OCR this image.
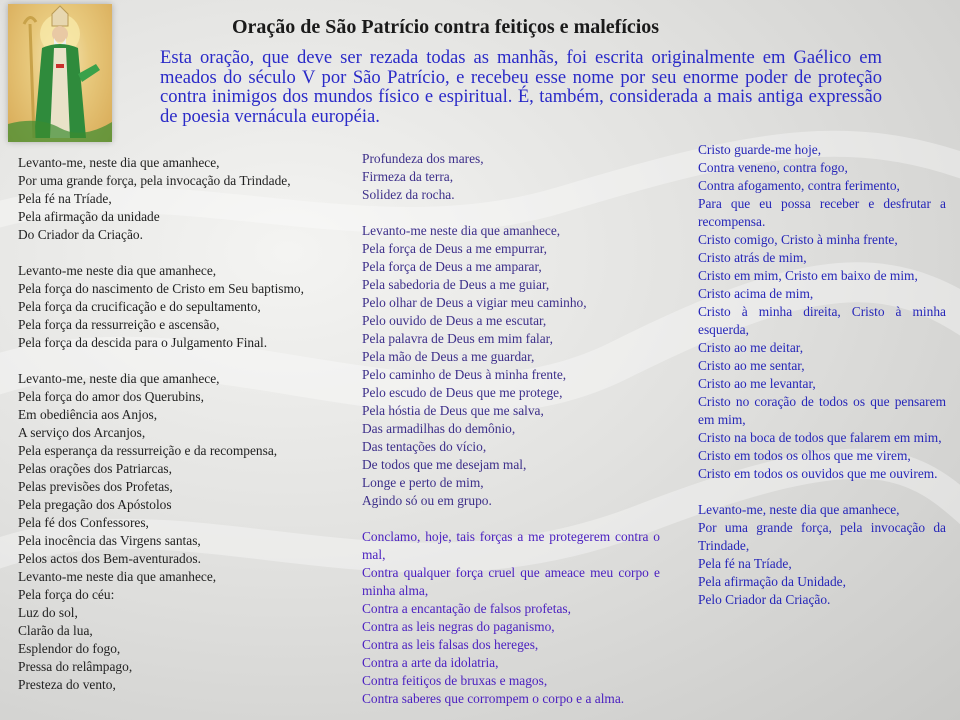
Oração de São Patrício contra feitiços e malefícios

Esta oração, que deve ser rezada todas as manhãs, foi escrita originalmente em Gaélico em meados do século V por São Patrício, e recebeu esse nome por seu enorme poder de proteção contra inimigos dos mundos físico e espiritual. É, também, considerada a mais antiga expressão de poesia vernácula européia.

Levanto-me, neste dia que amanhece,

Por uma grande força, pela invocação da Trindade,

Pela fé na Tríade,

Pela afirmação da unidade

Do Criador da Criação.

Levanto-me neste dia que amanhece,

Pela força do nascimento de Cristo em Seu baptismo,

Pela força da crucificação e do sepultamento,

Pela força da ressurreição e ascensão,

Pela força da descida para o Julgamento Final.

Levanto-me, neste dia que amanhece,

Pela força do amor dos Querubins,

Em obediência aos Anjos,

A serviço dos Arcanjos,

Pela esperança da ressurreição e da recompensa,

Pelas orações dos Patriarcas,

Pelas previsões dos Profetas,

Pela pregação dos Apóstolos

Pela fé dos Confessores,

Pela inocência das Virgens santas,

Pelos actos dos Bem-aventurados.

Levanto-me neste dia que amanhece,

Pela força do céu:

Luz do sol,

Clarão da lua,

Esplendor do fogo,

Pressa do relâmpago,

Presteza do vento,

Profundeza dos mares,

Firmeza da terra,

Solidez da rocha.

Levanto-me neste dia que amanhece,

Pela força de Deus a me empurrar,

Pela força de Deus a me amparar,

Pela sabedoria de Deus a me guiar,

Pelo olhar de Deus a vigiar meu caminho,

Pelo ouvido de Deus a me escutar,

Pela palavra de Deus em mim falar,

Pela mão de Deus a me guardar,

Pelo caminho de Deus à minha frente,

Pelo escudo de Deus que me protege,

Pela hóstia de Deus que me salva,

Das armadilhas do demônio,

Das tentações do vício,

De todos que me desejam mal,

Longe e perto de mim,

Agindo só ou em grupo.

Conclamo, hoje, tais forças a me protegerem contra o mal,

Contra qualquer força cruel que ameace meu corpo e minha alma,

Contra a encantação de falsos profetas,

Contra as leis negras do paganismo,

Contra as leis falsas dos hereges,

Contra a arte da idolatria,

Contra feitiços de bruxas e magos,

Contra saberes que corrompem o corpo e a alma.

Cristo guarde-me hoje,

Contra veneno, contra fogo,

Contra afogamento, contra ferimento,

Para que eu possa receber e desfrutar a recompensa.

Cristo comigo, Cristo à minha frente,

Cristo atrás de mim,

Cristo em mim, Cristo em baixo de mim,

Cristo acima de mim,

Cristo à minha direita, Cristo à minha esquerda,

Cristo ao me deitar,

Cristo ao me sentar,

Cristo ao me levantar,

Cristo no coração de todos os que pensarem em mim,

Cristo na boca de todos que falarem em mim,

Cristo em todos os olhos que me virem,

Cristo em todos os ouvidos que me ouvirem.

Levanto-me, neste dia que amanhece,

Por uma grande força, pela invocação da Trindade,

Pela fé na Tríade,

Pela afirmação da Unidade,

Pelo Criador da Criação.
